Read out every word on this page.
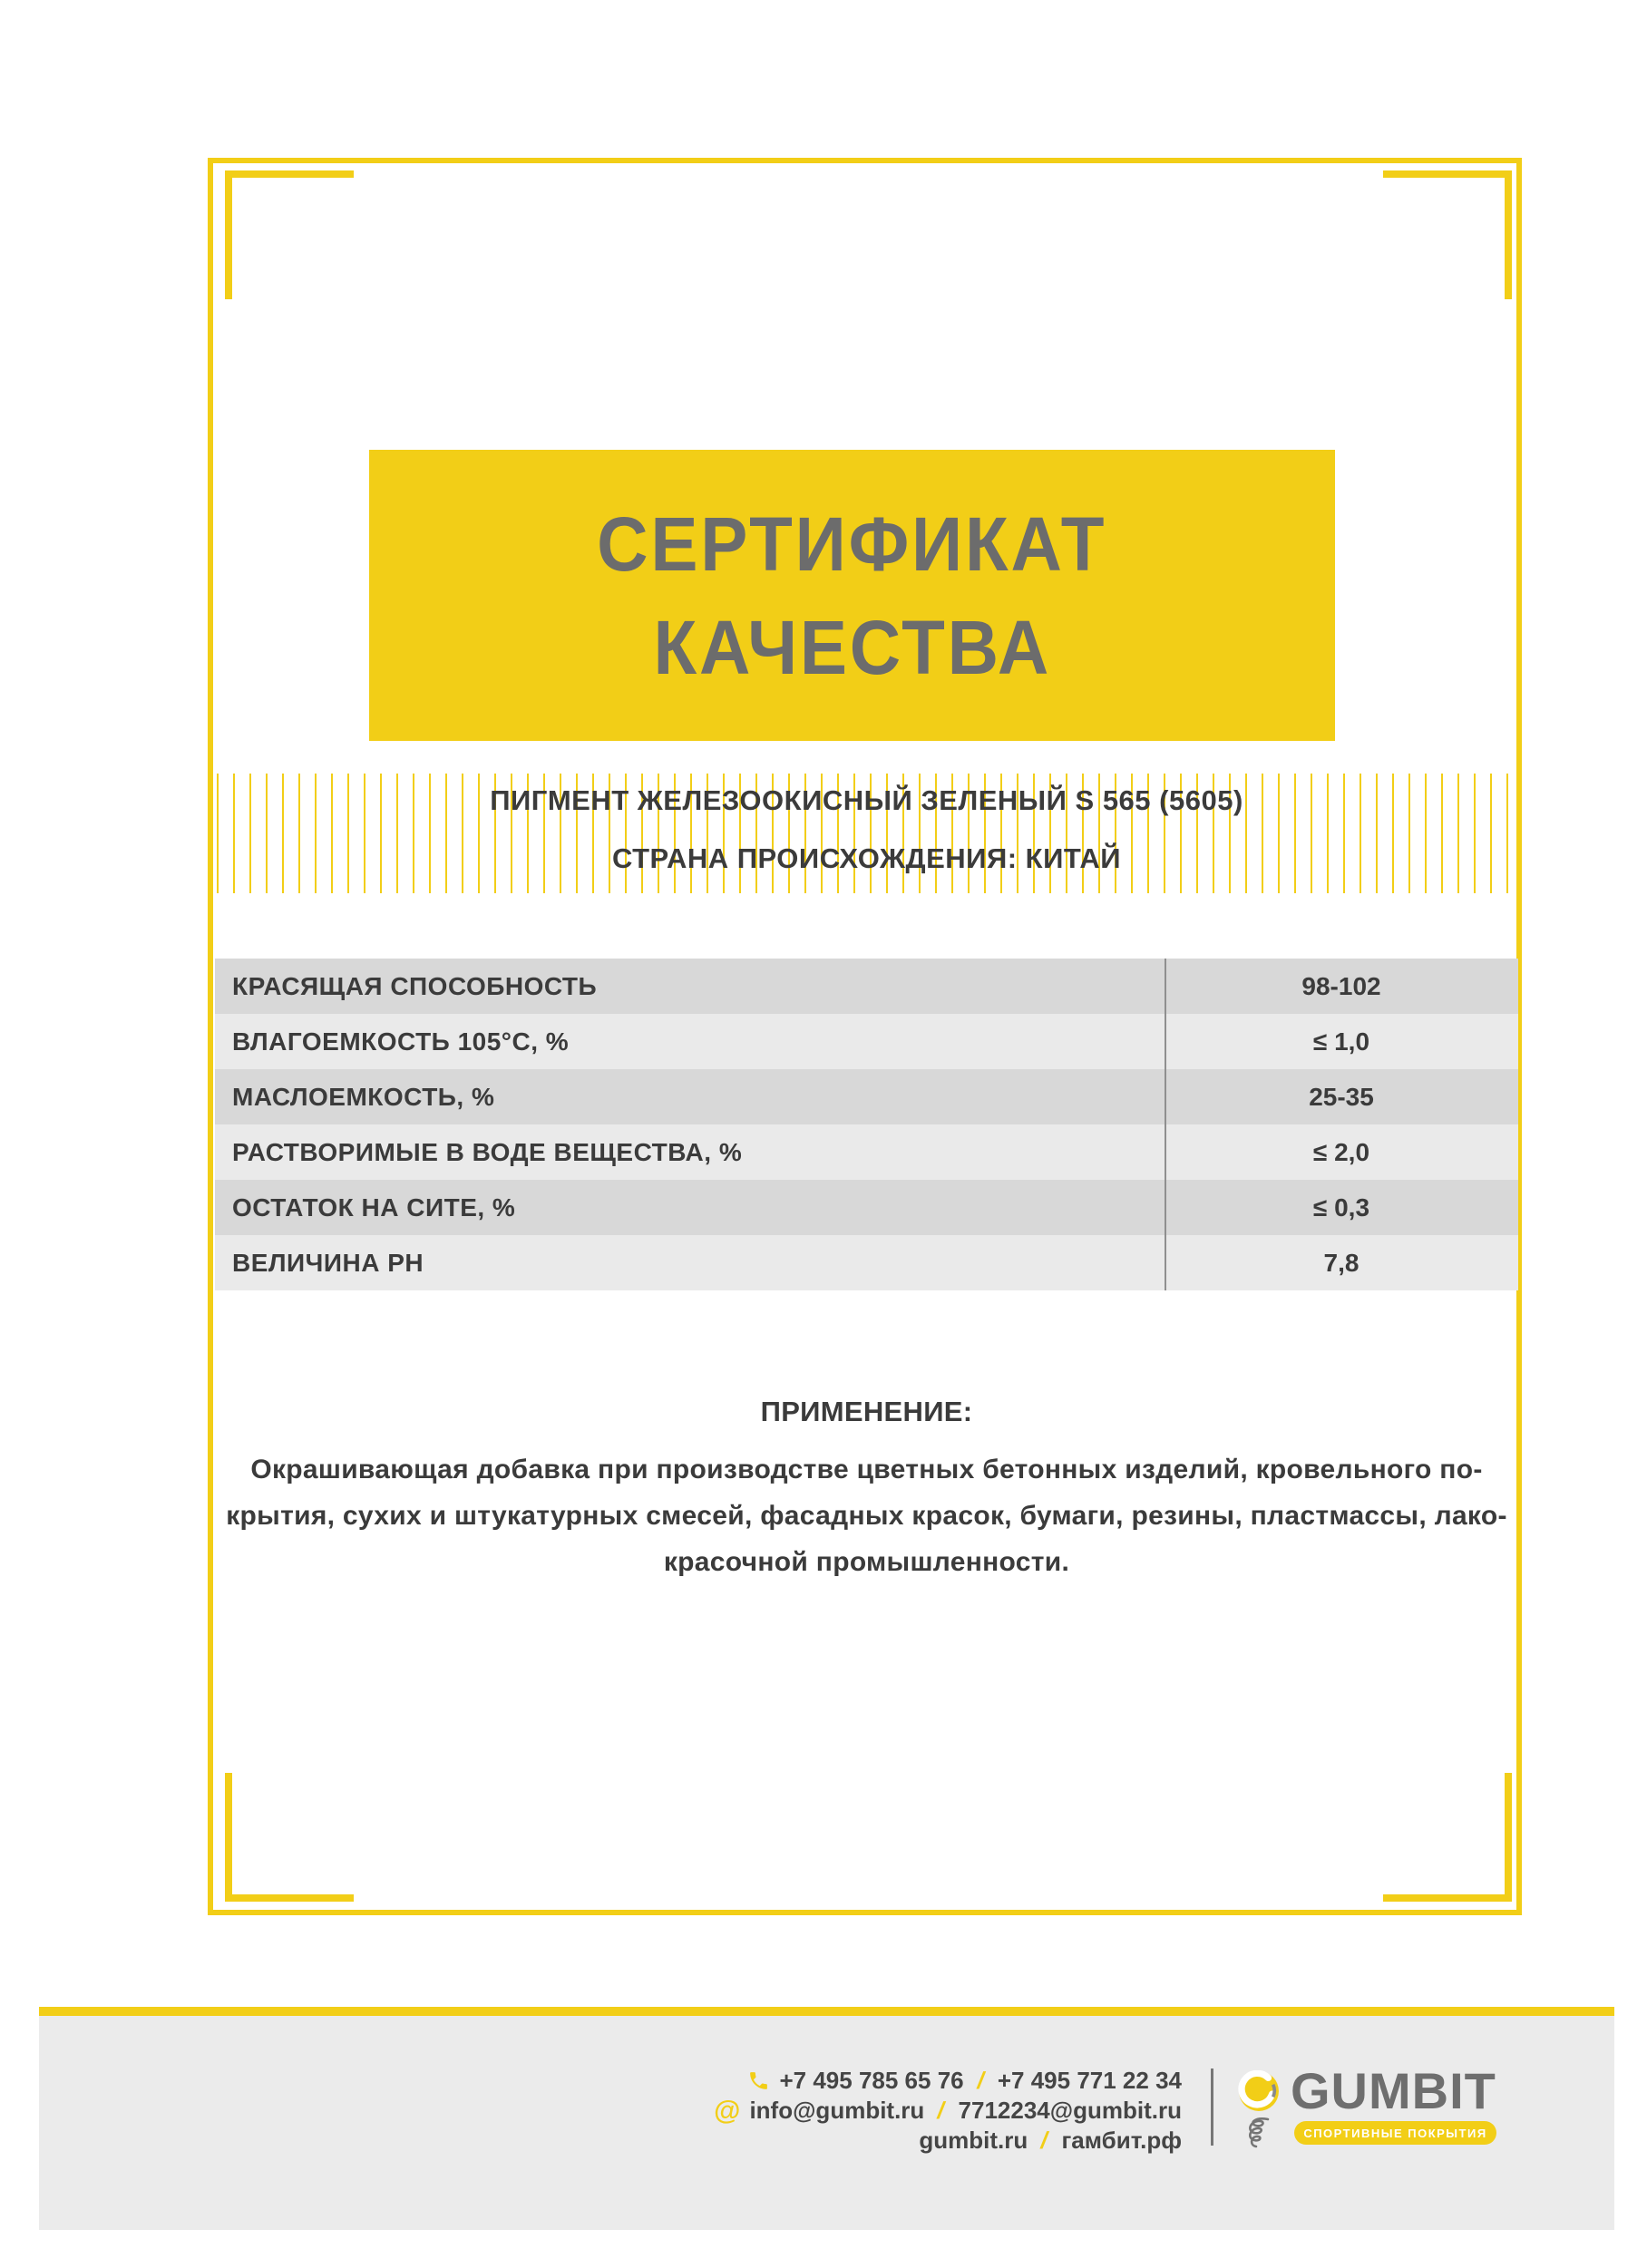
СЕРТИФИКАТ
КАЧЕСТВА
ПИГМЕНТ ЖЕЛЕЗООКИСНЫЙ ЗЕЛЕНЫЙ S 565 (5605)
СТРАНА ПРОИСХОЖДЕНИЯ: КИТАЙ
КРАСЯЩАЯ СПОСОБНОСТЬ	98-102
ВЛАГОЕМКОСТЬ 105°C, %	≤ 1,0
МАСЛОЕМКОСТЬ, %	25-35
РАСТВОРИМЫЕ В ВОДЕ ВЕЩЕСТВА, %	≤ 2,0
ОСТАТОК НА СИТЕ, %	≤ 0,3
ВЕЛИЧИНА PH	7,8
ПРИМЕНЕНИЕ:
Окрашивающая добавка при производстве цветных бетонных изделий, кровельного по-
крытия, сухих и штукатурных смесей, фасадных красок, бумаги, резины, пластмассы, лако-
красочной промышленности.
+7 495 785 65 76 / +7 495 771 22 34
@ info@gumbit.ru / 7712234@gumbit.ru
gumbit.ru / гамбит.рф
GUMBIT
СПОРТИВНЫЕ ПОКРЫТИЯ
